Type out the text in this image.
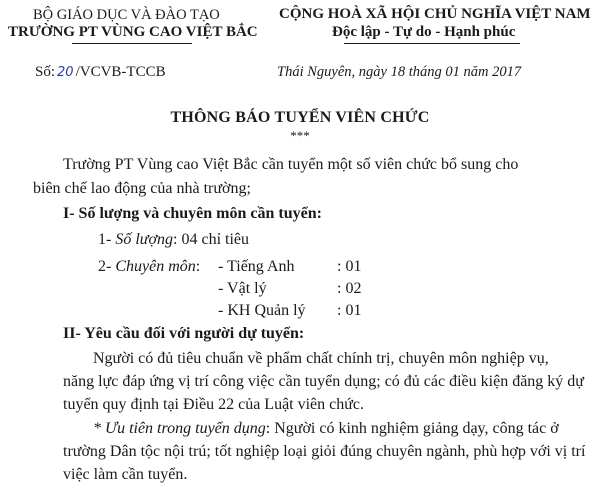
BỘ GIÁO DỤC VÀ ĐÀO TẠO
TRƯỜNG PT VÙNG CAO VIỆT BẮC
CỘNG HOÀ XÃ HỘI CHỦ NGHĨA VIỆT NAM
Độc lập - Tự do - Hạnh phúc
Số: 20 /VCVB-TCCB	Thái Nguyên, ngày 18 tháng 01 năm 2017
THÔNG BÁO TUYỂN VIÊN CHỨC
***
Trường PT Vùng cao Việt Bắc cần tuyển một số viên chức bổ sung cho
biên chế lao động của nhà trường;
I- Số lượng và chuyên môn cần tuyển:
1- Số lượng: 04 chỉ tiêu
2- Chuyên môn: - Tiếng Anh	: 01
- Vật lý	: 02
- KH Quản lý : 01
II- Yêu cầu đối với người dự tuyển:
Người có đủ tiêu chuẩn về phẩm chất chính trị, chuyên môn nghiệp vụ,
năng lực đáp ứng vị trí công việc cần tuyển dụng; có đủ các điều kiện đăng ký dự
tuyển quy định tại Điều 22 của Luật viên chức.
* Ưu tiên trong tuyển dụng: Người có kinh nghiệm giảng dạy, công tác ở
trường Dân tộc nội trú; tốt nghiệp loại giỏi đúng chuyên ngành, phù hợp với vị trí
việc làm cần tuyển.
